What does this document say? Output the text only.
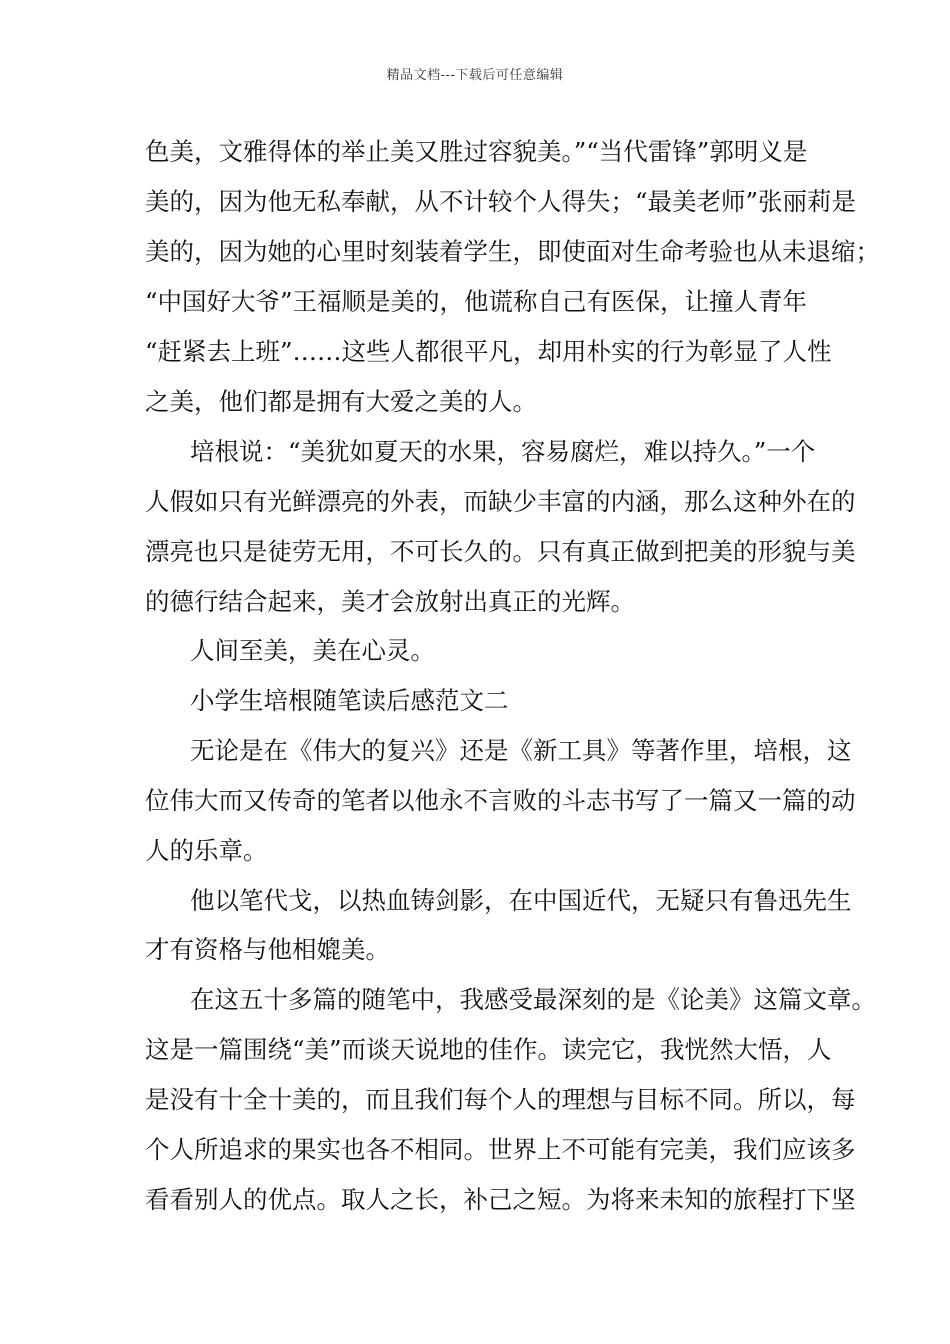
精品文档---下载后可任意编辑
色美，文雅得体的举止美又胜过容貌美。”“当代雷锋”郭明义是
美的，因为他无私奉献，从不计较个人得失；“最美老师”张丽莉是
美的，因为她的心里时刻装着学生，即使面对生命考验也从未退缩；
“中国好大爷”王福顺是美的，他谎称自己有医保，让撞人青年
“赶紧去上班”……这些人都很平凡，却用朴实的行为彰显了人性
之美，他们都是拥有大爱之美的人。
培根说：“美犹如夏天的水果，容易腐烂，难以持久。”一个
人假如只有光鲜漂亮的外表，而缺少丰富的内涵，那么这种外在的
漂亮也只是徒劳无用，不可长久的。只有真正做到把美的形貌与美
的德行结合起来，美才会放射出真正的光辉。
人间至美，美在心灵。
小学生培根随笔读后感范文二
无论是在《伟大的复兴》还是《新工具》等著作里，培根，这
位伟大而又传奇的笔者以他永不言败的斗志书写了一篇又一篇的动
人的乐章。
他以笔代戈，以热血铸剑影，在中国近代，无疑只有鲁迅先生
才有资格与他相媲美。
在这五十多篇的随笔中，我感受最深刻的是《论美》这篇文章。
这是一篇围绕“美”而谈天说地的佳作。读完它，我恍然大悟，人
是没有十全十美的，而且我们每个人的理想与目标不同。所以，每
个人所追求的果实也各不相同。世界上不可能有完美，我们应该多
看看别人的优点。取人之长，补己之短。为将来未知的旅程打下坚
